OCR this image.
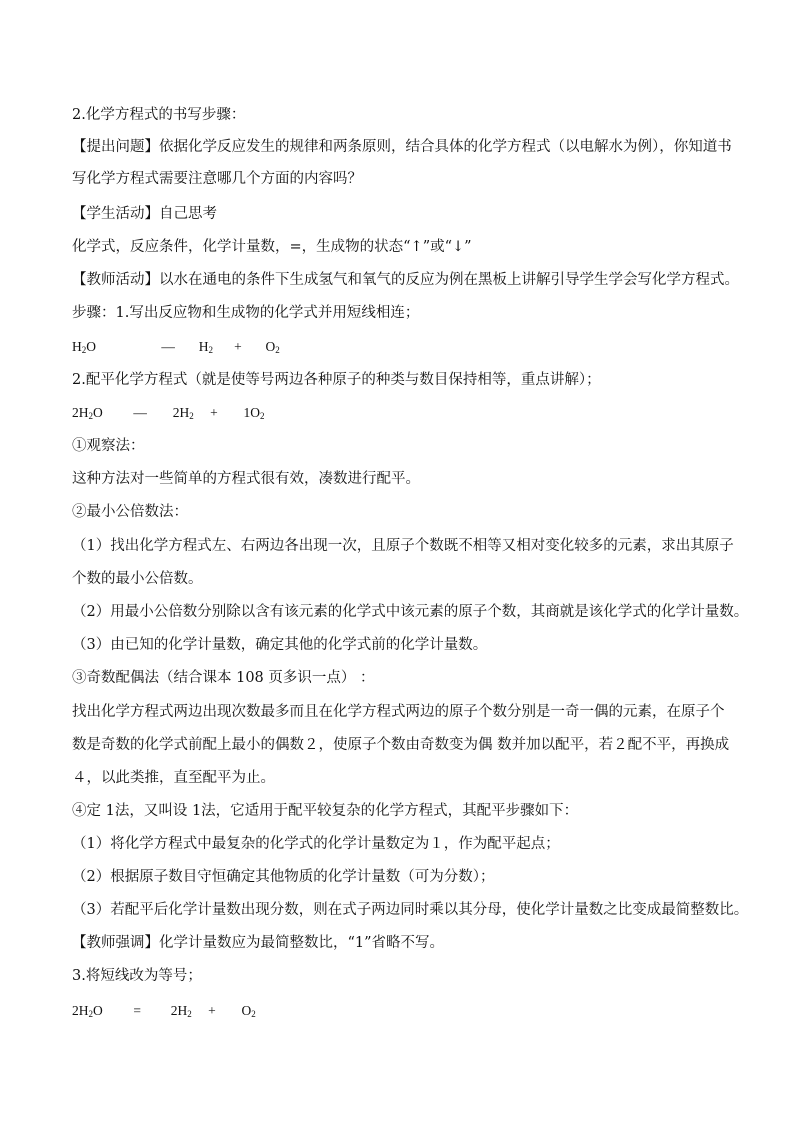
2.化学方程式的书写步骤：
【提出问题】依据化学反应发生的规律和两条原则，结合具体的化学方程式（以电解水为例），你知道书
写化学方程式需要注意哪几个方面的内容吗？
【学生活动】自己思考
化学式，反应条件，化学计量数，=，生成物的状态“↑”或“↓”
【教师活动】以水在通电的条件下生成氢气和氧气的反应为例在黑板上讲解引导学生学会写化学方程式。
步骤：1.写出反应物和生成物的化学式并用短线相连；
$H_2O$	— $H_2 + O_2$
2.配平化学方程式（就是使等号两边各种原子的种类与数目保持相等，重点讲解）；
$2H_2O$ — $2H_2 + 1O_2$
①观察法：
这种方法对一些简单的方程式很有效，凑数进行配平。
②最小公倍数法：
（1）找出化学方程式左、右两边各出现一次，且原子个数既不相等又相对变化较多的元素，求出其原子
个数的最小公倍数。
（2）用最小公倍数分别除以含有该元素的化学式中该元素的原子个数，其商就是该化学式的化学计量数。
（3）由已知的化学计量数，确定其他的化学式前的化学计量数。
③奇数配偶法（结合课本 108 页多识一点） ：
找出化学方程式两边出现次数最多而且在化学方程式两边的原子个数分别是一奇一偶的元素，在原子个数是奇数的化学式前配上最小的偶数２，使原子个数由奇数变为偶 数并加以配平，若２配不平，再换成４，以此类推，直至配平为止。
④定 1法，又叫设 1法，它适用于配平较复杂的化学方程式，其配平步骤如下：
（1）将化学方程式中最复杂的化学式的化学计量数定为１，作为配平起点；
（2）根据原子数目守恒确定其他物质的化学计量数（可为分数）；
（3）若配平后化学计量数出现分数，则在式子两边同时乘以其分母，使化学计量数之比变成最简整数比。
【教师强调】化学计量数应为最简整数比，“1”省略不写。
3.将短线改为等号；
$2H_2O = 2H_2 + O_2$
